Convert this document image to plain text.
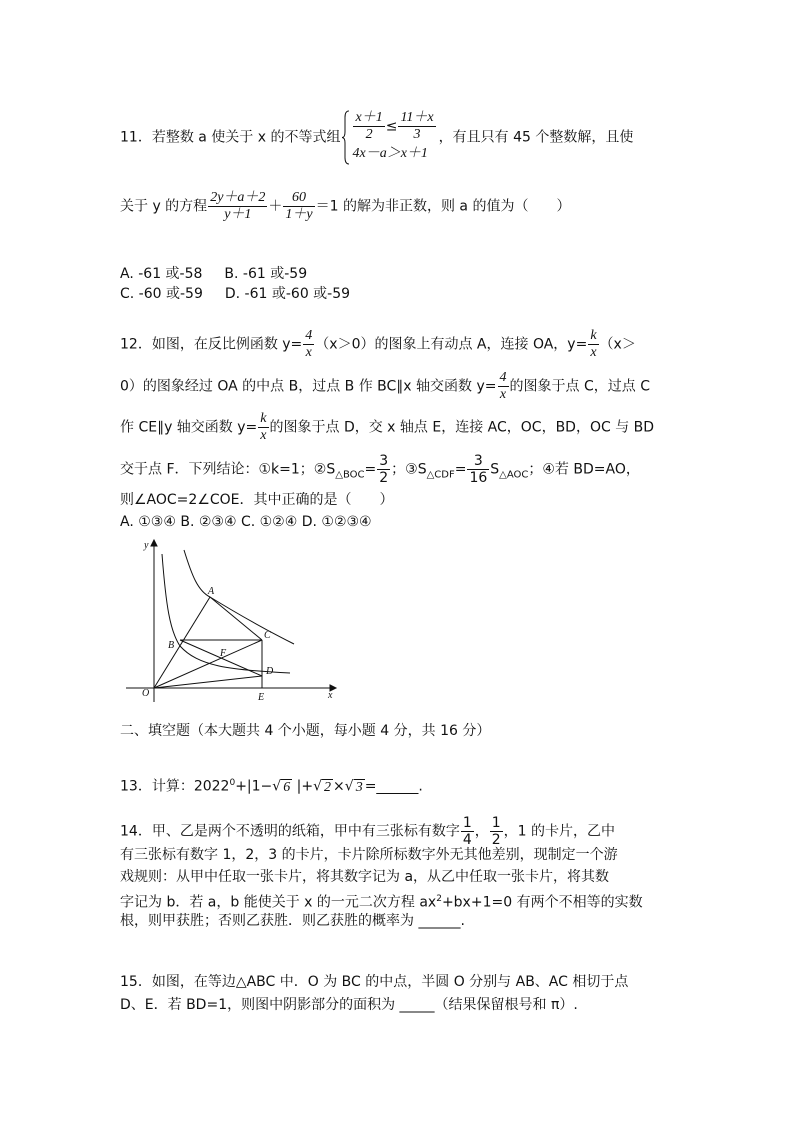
11．若整数 a 使关于 x 的不等式组 $\frac{x+1}{2} \le \frac{11+x}{3}$
4x－a＞x＋1
，有且只有 45 个整数解，且使
关于 y 的方程 $\frac{2y+a+2}{y+1} + \frac{60}{1+y} =1$ 的解为非正数，则 a 的值为（　　）
A. -61 或-58 B. -61 或-59
C. -60 或-59 D. -61 或-60 或-59
12．如图，在反比例函数 $y= \frac{4}{x} (x>0)$的图象上有动点 A，连接 OA，$y= \frac{k}{x} (x>$
0）的图象经过 OA 的中点 B，过点 B 作 BC∥x 轴交函数 $y= \frac{4}{x}$ 的图象于点 C，过点 C
作 CE∥y 轴交函数 $y= \frac{k}{x}$ 的图象于点 D，交 x 轴点 E，连接 AC，OC，BD，OC 与 BD
交于点 F．下列结论：①k=1；$②S_{\triangle BOC}= \frac{3}{2}$ ；$③S_{\triangle CDF}= \frac{3}{16} S_{\triangle AOC}$；④若 BD=AO，
则∠AOC=2∠COE．其中正确的是（　　）
A. ①③④ B. ②③④ C. ①②④ D. ①②③④
y
x
O
A
B
C
D
E
F
二、填空题（本大题共 4 个小题，每小题 4 分，共 16 分）
13．计算：$2022^0+|1-√$ 6 |+√ 2 ×√ 3 =______.
14．甲、乙是两个不透明的纸箱，甲中有三张标有数字 $\frac{1}{4}$ ， $\frac{1}{2}$ ，1 的卡片，乙中
有三张标有数字 1，2，3 的卡片，卡片除所标数字外无其他差别，现制定一个游
戏规则：从甲中任取一张卡片，将其数字记为 a，从乙中任取一张卡片，将其数
字记为 b．若 a，b 能使关于 x 的一元二次方程 $ax^2+bx+1=0$ 有两个不相等的实数
根，则甲获胜；否则乙获胜．则乙获胜的概率为 ______.
15．如图，在等边△ABC 中．O 为 BC 的中点，半圆 O 分别与 AB、AC 相切于点
D、E．若 BD=1，则图中阴影部分的面积为 _____（结果保留根号和 π）.
